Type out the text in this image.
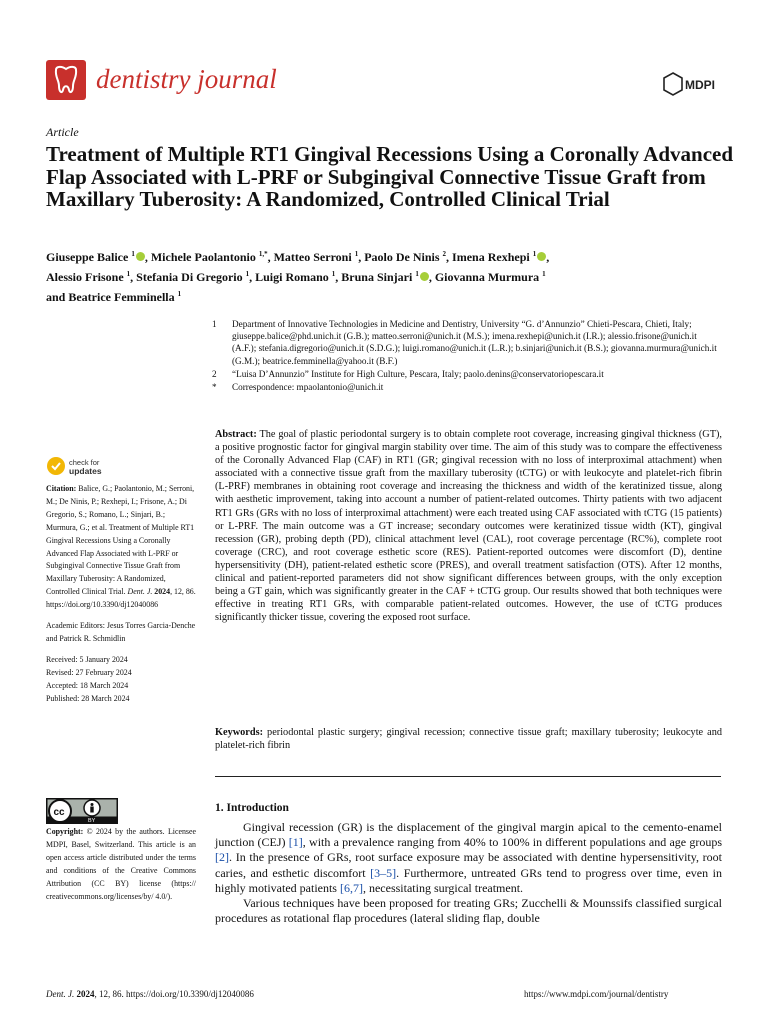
dentistry journal	MDPI
Article
Treatment of Multiple RT1 Gingival Recessions Using a Coronally Advanced Flap Associated with L-PRF or Subgingival Connective Tissue Graft from Maxillary Tuberosity: A Randomized, Controlled Clinical Trial
Giuseppe Balice $^1$ , Michele Paolantonio $^{1,*}$, Matteo Serroni $^1$, Paolo De Ninis $^2$, Imena Rexhepi $^1$ ,
Alessio Frisone $^1$, Stefania Di Gregorio $^1$, Luigi Romano $^1$, Bruna Sinjari $^1$ , Giovanna Murmura $^1$
and Beatrice Femminella $^1$
1 Department of Innovative Technologies in Medicine and Dentistry, University “G. d’Annunzio” Chieti-Pescara, Chieti, Italy; giuseppe.balice@phd.unich.it (G.B.); matteo.serroni@unich.it (M.S.); imena.rexhepi@unich.it (I.R.); alessio.frisone@unich.it (A.F.); stefania.digregorio@unich.it (S.D.G.); luigi.romano@unich.it (L.R.); b.sinjari@unich.it (B.S.); giovanna.murmura@unich.it (G.M.); beatrice.femminella@yahoo.it (B.F.)
2 “Luisa D’Annunzio” Institute for High Culture, Pescara, Italy; paolo.denins@conservatoriopescara.it
* Correspondence: mpaolantonio@unich.it
check for
updates

Citation: Balice, G.; Paolantonio, M.; Serroni, M.; De Ninis, P.; Rexhepi, I.; Frisone, A.; Di Gregorio, S.; Romano, L.; Sinjari, B.; Murmura, G.; et al. Treatment of Multiple RT1 Gingival Recessions Using a Coronally Advanced Flap Associated with L-PRF or Subgingival Connective Tissue Graft from Maxillary Tuberosity: A Randomized, Controlled Clinical Trial. Dent. J. 2024, 12, 86. https://doi.org/10.3390/dj12040086

Academic Editors: Jesus Torres Garcia-Denche and Patrick R. Schmidlin

Received: 5 January 2024

Revised: 27 February 2024

Accepted: 18 March 2024

Published: 28 March 2024

cc
BY
Copyright: © 2024 by the authors. Licensee MDPI, Basel, Switzerland. This article is an open access article distributed under the terms and conditions of the Creative Commons Attribution (CC BY) license (https:// creativecommons.org/licenses/by/ 4.0/).
Abstract: The goal of plastic periodontal surgery is to obtain complete root coverage, increasing gingival thickness (GT), a positive prognostic factor for gingival margin stability over time. The aim of this study was to compare the effectiveness of the Coronally Advanced Flap (CAF) in RT1 (GR; gingival recession with no loss of interproximal attachment) when associated with a connective tissue graft from the maxillary tuberosity (tCTG) or with leukocyte and platelet-rich fibrin (L-PRF) membranes in obtaining root coverage and increasing the thickness and width of the keratinized tissue, along with aesthetic improvement, taking into account a number of patient-related outcomes. Thirty patients with two adjacent RT1 GRs (GRs with no loss of interproximal attachment) were each treated using CAF associated with tCTG (15 patients) or L-PRF. The main outcome was a GT increase; secondary outcomes were keratinized tissue width (KT), gingival recession (GR), probing depth (PD), clinical attachment level (CAL), root coverage percentage (RC%), complete root coverage (CRC), and root coverage esthetic score (RES). Patient-reported outcomes were discomfort (D), dentine hypersensitivity (DH), patient-related esthetic score (PRES), and overall treatment satisfaction (OTS). After 12 months, clinical and patient-reported parameters did not show significant differences between groups, with the only exception being a GT gain, which was significantly greater in the CAF + tCTG group. Our results showed that both techniques were effective in treating RT1 GRs, with comparable patient-related outcomes. However, the use of tCTG produces significantly thicker tissue, covering the exposed root surface.
Keywords: periodontal plastic surgery; gingival recession; connective tissue graft; maxillary tuberosity; leukocyte and platelet-rich fibrin
1. Introduction

Gingival recession (GR) is the displacement of the gingival margin apical to the cemento-enamel junction (CEJ) [1], with a prevalence ranging from 40% to 100% in different populations and age groups [2]. In the presence of GRs, root surface exposure may be associated with dentine hypersensitivity, root caries, and esthetic discomfort [3–5]. Furthermore, untreated GRs tend to progress over time, even in highly motivated patients [6,7], necessitating surgical treatment.

Various techniques have been proposed for treating GRs; Zucchelli & Mounssifs classified surgical procedures as rotational flap procedures (lateral sliding flap, double

Dent. J. 2024, 12, 86. https://doi.org/10.3390/dj12040086	https://www.mdpi.com/journal/dentistry
